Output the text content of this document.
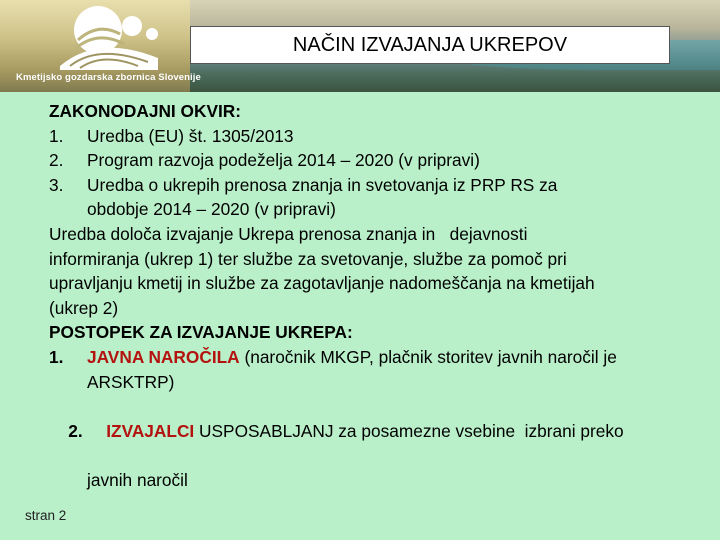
Kmetijsko gozdarska zbornica Slovenije
NAČIN IZVAJANJA UKREPOV
ZAKONODAJNI OKVIR:
1. Uredba (EU) št. 1305/2013
2. Program razvoja podeželja 2014 – 2020 (v pripravi)
3. Uredba o ukrepih prenosa znanja in svetovanja iz PRP RS za
obdobje 2014 – 2020 (v pripravi)
Uredba določa izvajanje Ukrepa prenosa znanja in   dejavnosti
informiranja (ukrep 1) ter službe za svetovanje, službe za pomoč pri
upravljanju kmetij in službe za zagotavljanje nadomeščanja na kmetijah
(ukrep 2)
POSTOPEK ZA IZVAJANJE UKREPA:
1. JAVNA NAROČILA (naročnik MKGP, plačnik storitev javnih naročil je
ARSKTRP)

2. IZVAJALCI USPOSABLJANJ za posamezne vsebine  izbrani preko

javnih naročil
stran 2
